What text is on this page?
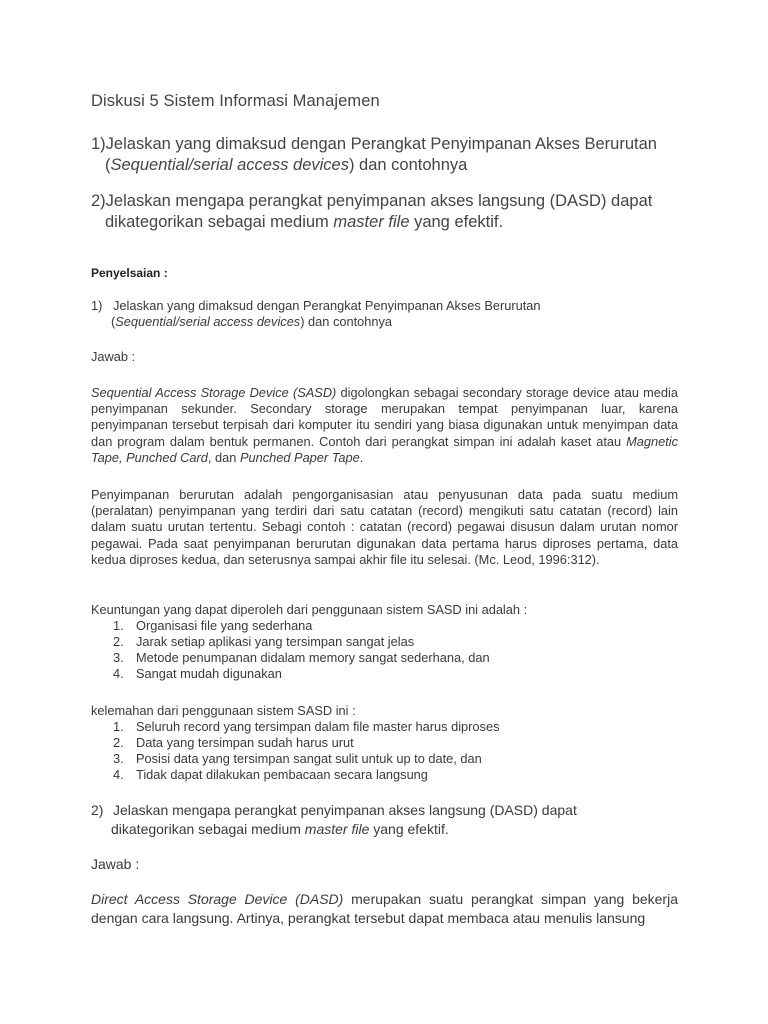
Diskusi 5 Sistem Informasi Manajemen
1)Jelaskan yang dimaksud dengan Perangkat Penyimpanan Akses Berurutan
(Sequential/serial access devices) dan contohnya
2)Jelaskan mengapa perangkat penyimpanan akses langsung (DASD) dapat
dikategorikan sebagai medium master file yang efektif.
Penyelsaian :
1) Jelaskan yang dimaksud dengan Perangkat Penyimpanan Akses Berurutan
(Sequential/serial access devices) dan contohnya
Jawab :
Sequential Access Storage Device (SASD) digolongkan sebagai secondary storage device atau media penyimpanan sekunder. Secondary storage merupakan tempat penyimpanan luar, karena penyimpanan tersebut terpisah dari komputer itu sendiri yang biasa digunakan untuk menyimpan data dan program dalam bentuk permanen. Contoh dari perangkat simpan ini adalah kaset atau Magnetic Tape, Punched Card, dan Punched Paper Tape.
Penyimpanan berurutan adalah pengorganisasian atau penyusunan data pada suatu medium (peralatan) penyimpanan yang terdiri dari satu catatan (record) mengikuti satu catatan (record) lain dalam suatu urutan tertentu. Sebagi contoh : catatan (record) pegawai disusun dalam urutan nomor pegawai. Pada saat penyimpanan berurutan digunakan data pertama harus diproses pertama, data kedua diproses kedua, dan seterusnya sampai akhir file itu selesai. (Mc. Leod, 1996:312).
Keuntungan yang dapat diperoleh dari penggunaan sistem SASD ini adalah :
1. Organisasi file yang sederhana
2. Jarak setiap aplikasi yang tersimpan sangat jelas
3. Metode penumpanan didalam memory sangat sederhana, dan
4. Sangat mudah digunakan
kelemahan dari penggunaan sistem SASD ini :
1. Seluruh record yang tersimpan dalam file master harus diproses
2. Data yang tersimpan sudah harus urut
3. Posisi data yang tersimpan sangat sulit untuk up to date, dan
4. Tidak dapat dilakukan pembacaan secara langsung
2) Jelaskan mengapa perangkat penyimpanan akses langsung (DASD) dapat
dikategorikan sebagai medium master file yang efektif.
Jawab :
Direct Access Storage Device (DASD) merupakan suatu perangkat simpan yang bekerja dengan cara langsung. Artinya, perangkat tersebut dapat membaca atau menulis lansung
